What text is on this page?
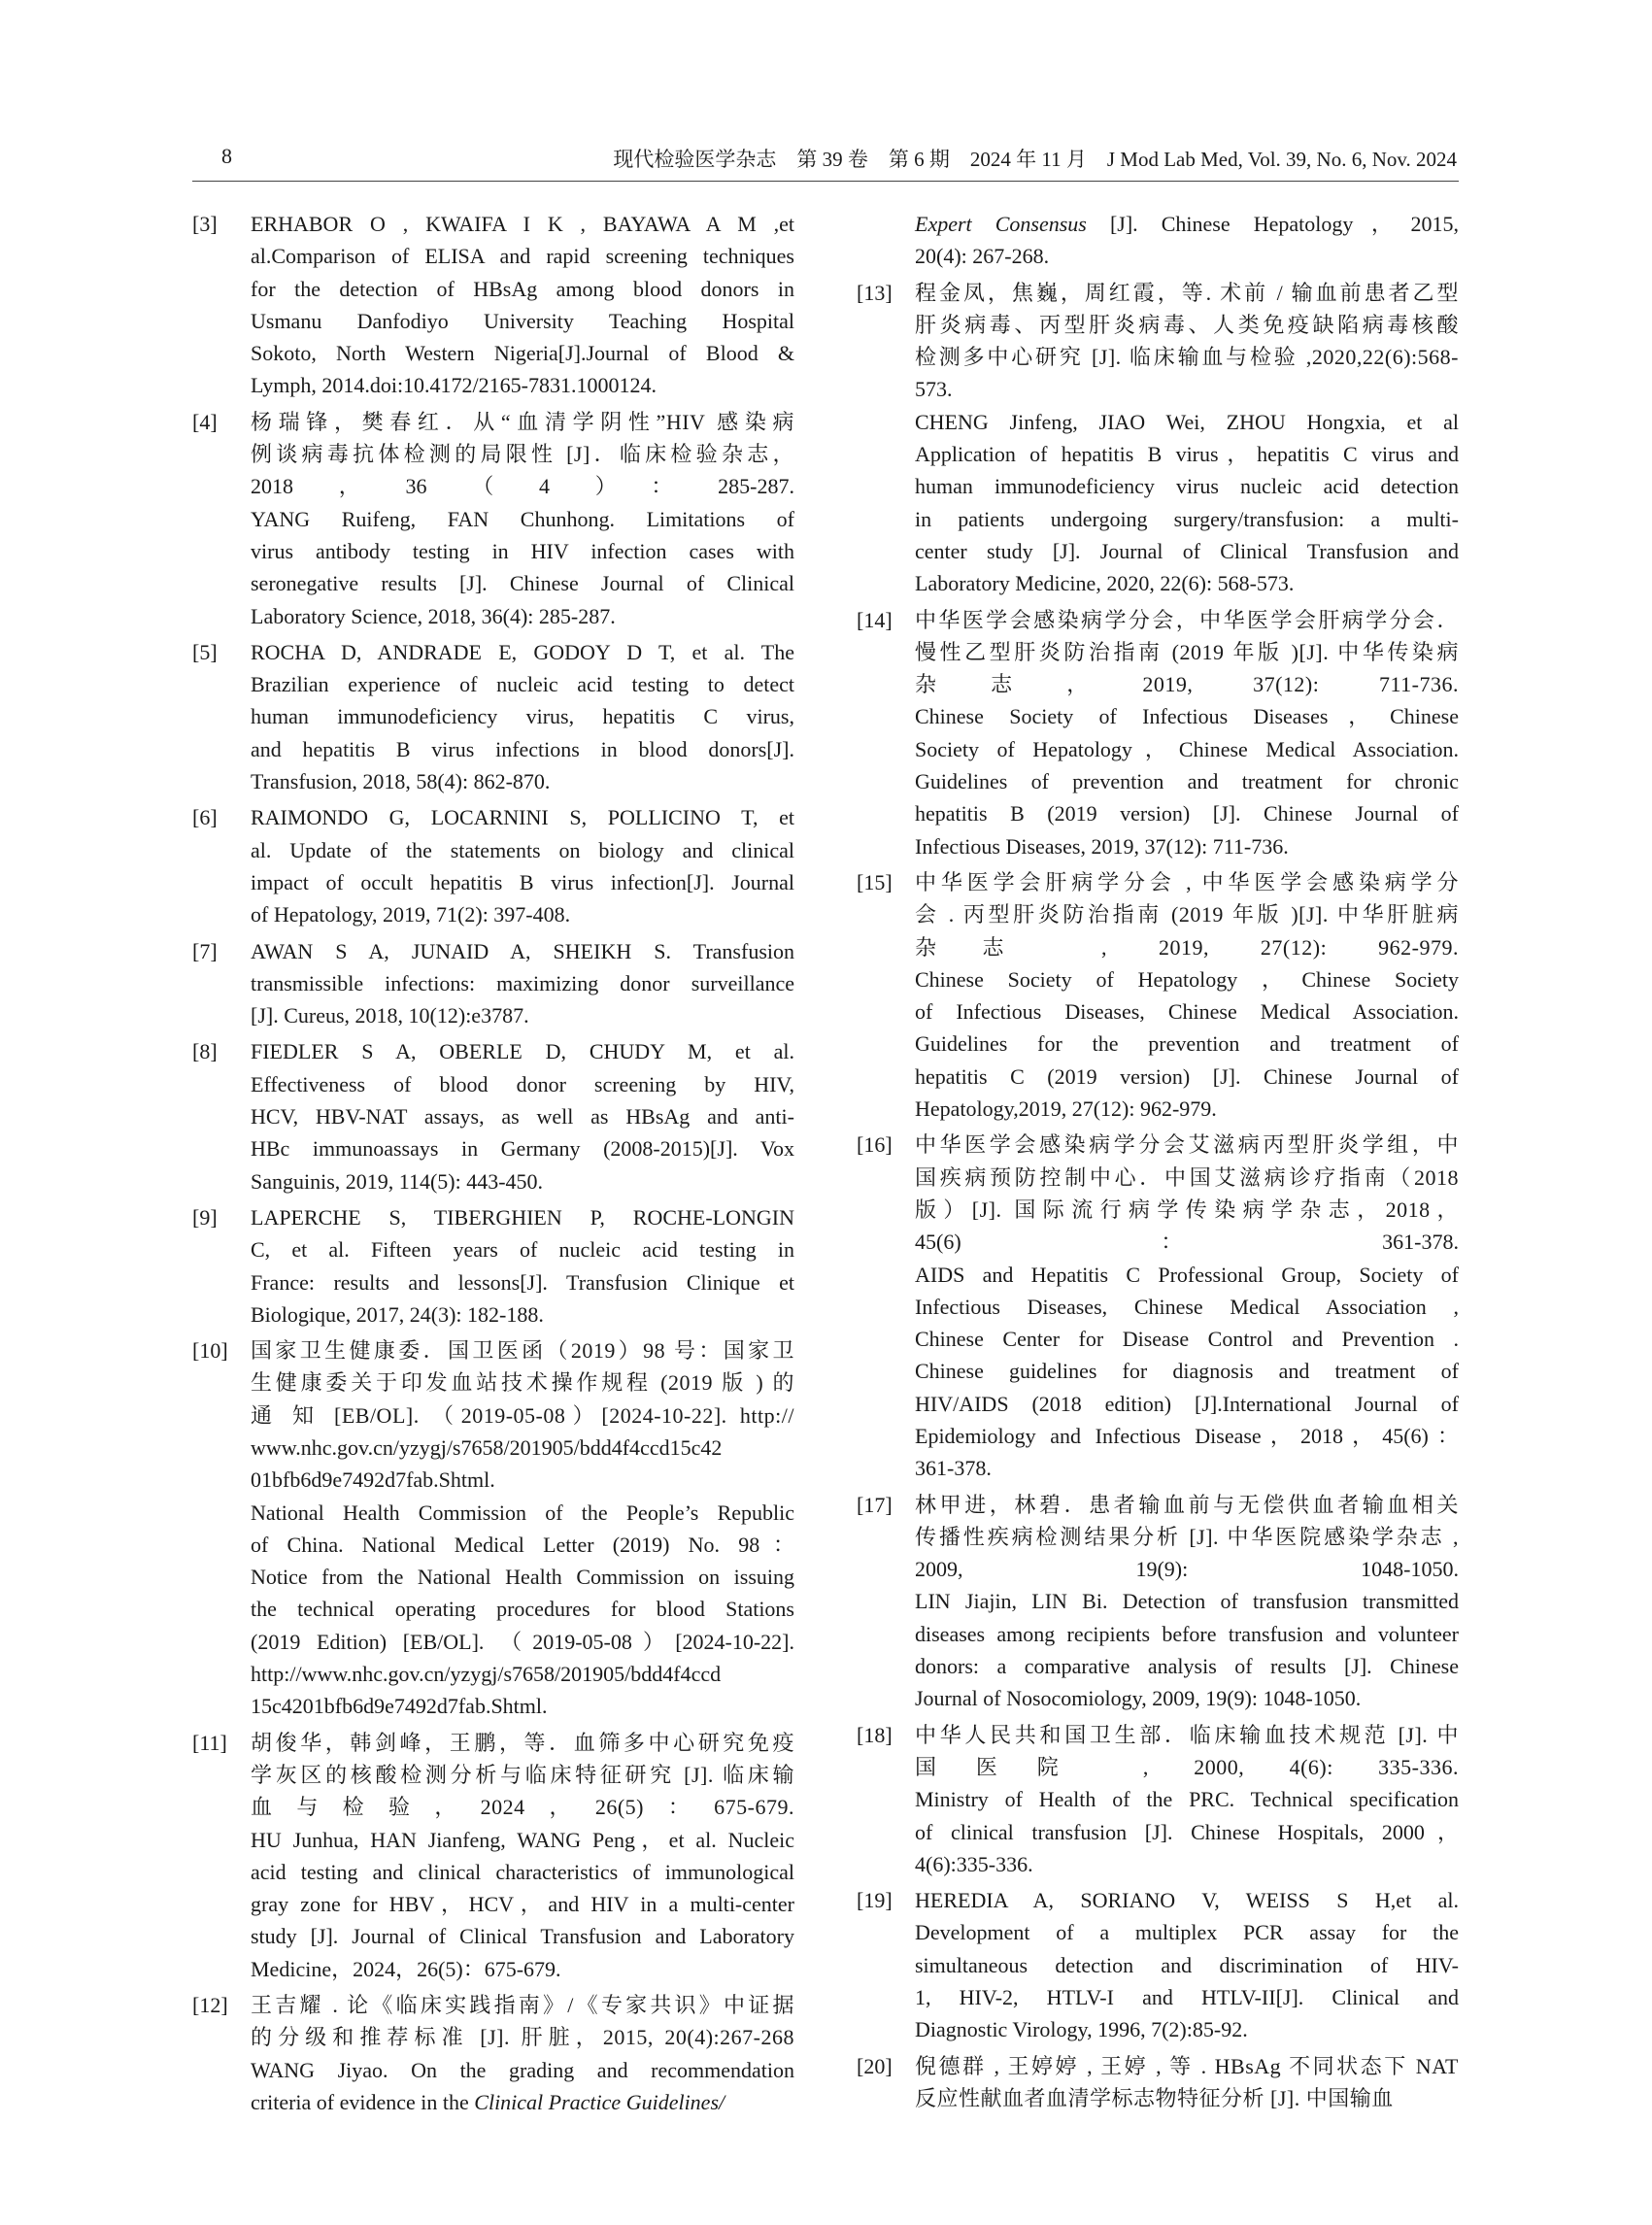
8	现代检验医学杂志　第 39 卷　第 6 期　2024 年 11 月　J Mod Lab Med, Vol. 39, No. 6, Nov. 2024
[3] ERHABOR O , KWAIFA I K , BAYAWA A M ,et
al.Comparison of ELISA and rapid screening techniques
for the detection of HBsAg among blood donors in
Usmanu Danfodiyo University Teaching Hospital
Sokoto, North Western Nigeria[J].Journal of Blood &
Lymph, 2014.doi:10.4172/2165-7831.1000124.
[4] 杨瑞锋，樊春红．从“血清学阴性”HIV 感染病
例谈病毒抗体检测的局限性 [J]．临床检验杂志，
2018，36（4）：285-287.
YANG Ruifeng, FAN Chunhong. Limitations of
virus antibody testing in HIV infection cases with
seronegative results [J]. Chinese Journal of Clinical
Laboratory Science, 2018, 36(4): 285-287.
[5] ROCHA D, ANDRADE E, GODOY D T, et al. The
Brazilian experience of nucleic acid testing to detect
human immunodeficiency virus, hepatitis C virus,
and hepatitis B virus infections in blood donors[J].
Transfusion, 2018, 58(4): 862-870.
[6] RAIMONDO G, LOCARNINI S, POLLICINO T, et
al. Update of the statements on biology and clinical
impact of occult hepatitis B virus infection[J]. Journal
of Hepatology, 2019, 71(2): 397-408.
[7] AWAN S A, JUNAID A, SHEIKH S. Transfusion
transmissible infections: maximizing donor surveillance
[J]. Cureus, 2018, 10(12):e3787.
[8] FIEDLER S A, OBERLE D, CHUDY M, et al.
Effectiveness of blood donor screening by HIV,
HCV, HBV-NAT assays, as well as HBsAg and anti-
HBc immunoassays in Germany (2008-2015)[J]. Vox
Sanguinis, 2019, 114(5): 443-450.
[9] LAPERCHE S, TIBERGHIEN P, ROCHE-LONGIN
C, et al. Fifteen years of nucleic acid testing in
France: results and lessons[J]. Transfusion Clinique et
Biologique, 2017, 24(3): 182-188.
[10] 国家卫生健康委．国卫医函（2019）98 号：国家卫
生健康委关于印发血站技术操作规程 (2019 版 ) 的
通 知 [EB/OL]. （2019-05-08）[2024-10-22]. http://
www.nhc.gov.cn/yzygj/s7658/201905/bdd4f4ccd15c42
01bfb6d9e7492d7fab.Shtml.
National Health Commission of the People’s Republic
of China. National Medical Letter (2019) No. 98：
Notice from the National Health Commission on issuing
the technical operating procedures for blood Stations
(2019 Edition) [EB/OL]. （2019-05-08）[2024-10-22].
http://www.nhc.gov.cn/yzygj/s7658/201905/bdd4f4ccd
15c4201bfb6d9e7492d7fab.Shtml.
[11] 胡俊华，韩剑峰，王鹏，等．血筛多中心研究免疫
学灰区的核酸检测分析与临床特征研究 [J]. 临床输
血与检验，2024，26(5)：675-679.
HU Junhua, HAN Jianfeng, WANG Peng，et al. Nucleic
acid testing and clinical characteristics of immunological
gray zone for HBV，HCV，and HIV in a multi-center
study [J]. Journal of Clinical Transfusion and Laboratory
Medicine，2024，26(5)：675-679.
[12] 王吉耀 . 论《临床实践指南》/《专家共识》中证据
的分级和推荐标准 [J]. 肝脏，2015, 20(4):267-268
WANG Jiyao. On the grading and recommendation
criteria of evidence in the Clinical Practice Guidelines/
Expert Consensus [J]. Chinese Hepatology，2015,
20(4): 267-268.
[13] 程金凤，焦巍，周红霞，等. 术前 / 输血前患者乙型
肝炎病毒、丙型肝炎病毒、人类免疫缺陷病毒核酸
检测多中心研究 [J]. 临床输血与检验 ,2020,22(6):568-
573.
CHENG Jinfeng, JIAO Wei, ZHOU Hongxia, et al
Application of hepatitis B virus，hepatitis C virus and
human immunodeficiency virus nucleic acid detection
in patients undergoing surgery/transfusion: a multi-
center study [J]. Journal of Clinical Transfusion and
Laboratory Medicine, 2020, 22(6): 568-573.
[14] 中华医学会感染病学分会，中华医学会肝病学分会．
慢性乙型肝炎防治指南 (2019 年版 )[J]. 中华传染病
杂志，2019, 37(12): 711-736.
Chinese Society of Infectious Diseases，Chinese
Society of Hepatology，Chinese Medical Association.
Guidelines of prevention and treatment for chronic
hepatitis B (2019 version) [J]. Chinese Journal of
Infectious Diseases, 2019, 37(12): 711-736.
[15] 中华医学会肝病学分会 , 中华医学会感染病学分
会 . 丙型肝炎防治指南 (2019 年版 )[J]. 中华肝脏病
杂志 , 2019, 27(12): 962-979.
Chinese Society of Hepatology ，Chinese Society
of Infectious Diseases, Chinese Medical Association.
Guidelines for the prevention and treatment of
hepatitis C (2019 version) [J]. Chinese Journal of
Hepatology,2019, 27(12): 962-979.
[16] 中华医学会感染病学分会艾滋病丙型肝炎学组，中
国疾病预防控制中心．中国艾滋病诊疗指南（2018
版）[J]. 国际流行病学传染病学杂志，2018，
45(6)：361-378.
AIDS and Hepatitis C Professional Group, Society of
Infectious Diseases, Chinese Medical Association ,
Chinese Center for Disease Control and Prevention .
Chinese guidelines for diagnosis and treatment of
HIV/AIDS (2018 edition) [J].International Journal of
Epidemiology and Infectious Disease，2018，45(6)：
361-378.
[17] 林甲进，林碧．患者输血前与无偿供血者输血相关
传播性疾病检测结果分析 [J]. 中华医院感染学杂志 ,
2009, 19(9): 1048-1050.
LIN Jiajin, LIN Bi. Detection of transfusion transmitted
diseases among recipients before transfusion and volunteer
donors: a comparative analysis of results [J]. Chinese
Journal of Nosocomiology, 2009, 19(9): 1048-1050.
[18] 中华人民共和国卫生部．临床输血技术规范 [J]. 中
国医院 , 2000, 4(6): 335-336.
Ministry of Health of the PRC. Technical specification
of clinical transfusion [J]. Chinese Hospitals, 2000，
4(6):335-336.
[19] HEREDIA A, SORIANO V, WEISS S H,et al.
Development of a multiplex PCR assay for the
simultaneous detection and discrimination of HIV-
1, HIV-2, HTLV-I and HTLV-II[J]. Clinical and
Diagnostic Virology, 1996, 7(2):85-92.
[20] 倪德群 , 王婷婷 , 王婷 , 等 . HBsAg 不同状态下 NAT
反应性献血者血清学标志物特征分析 [J]. 中国输血
